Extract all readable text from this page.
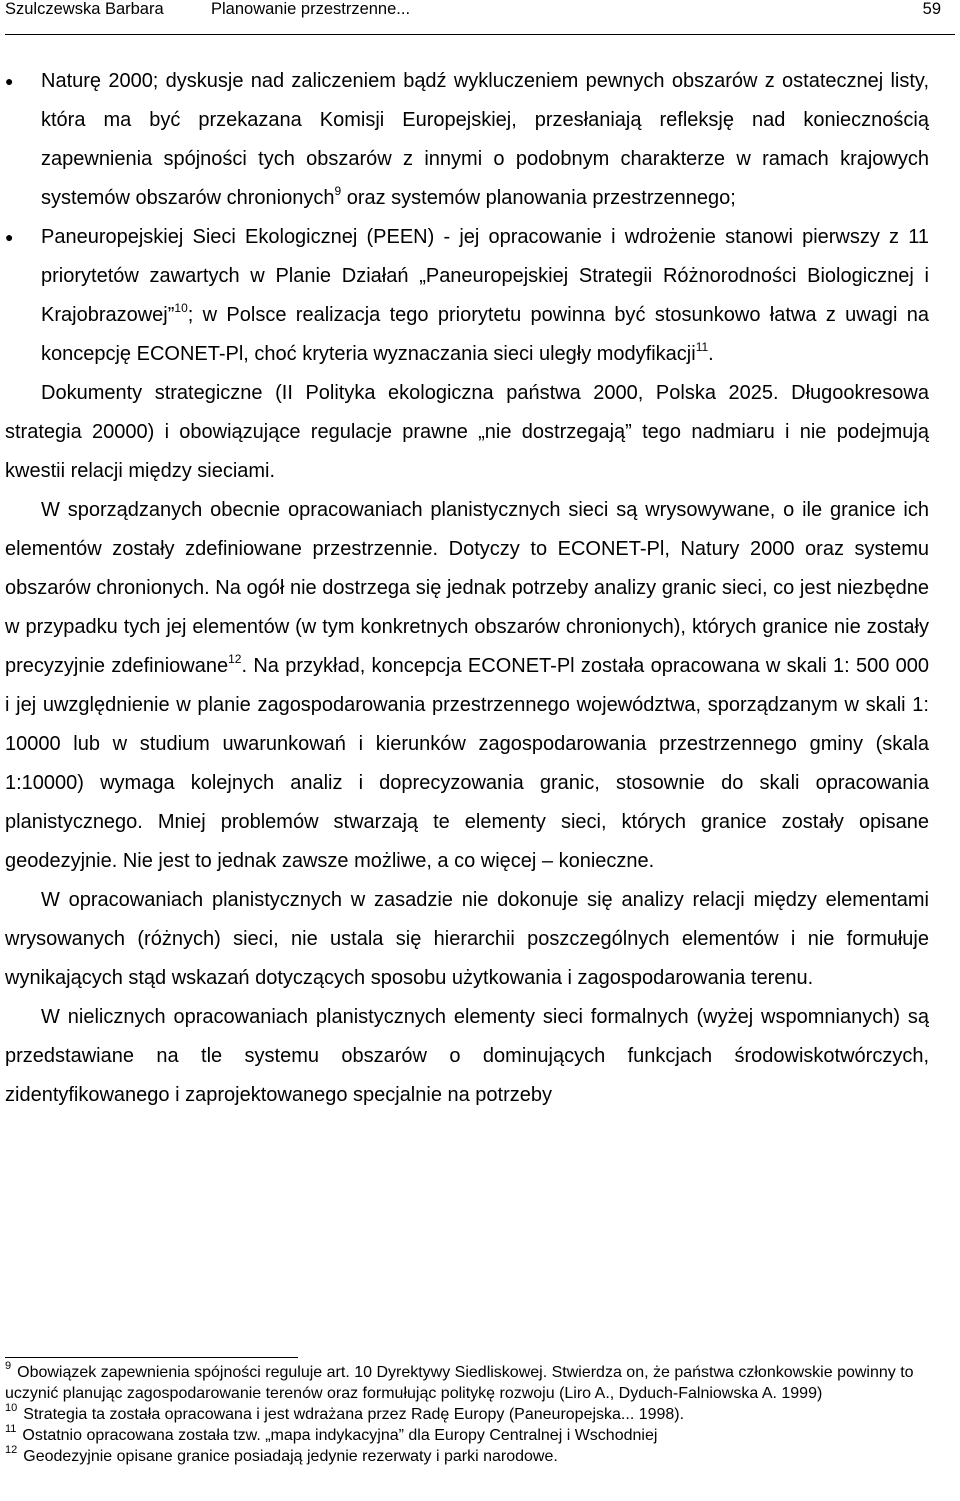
Szulczewska Barbara	Planowanie przestrzenne...	59
●	Naturę 2000; dyskusje nad zaliczeniem bądź wykluczeniem pewnych obszarów z ostatecznej listy, która ma być przekazana Komisji Europejskiej, przesłaniają refleksję nad koniecznością zapewnienia spójności tych obszarów z innymi o podobnym charakterze w ramach krajowych systemów obszarów chronionych$^9$ oraz systemów planowania przestrzennego;
●	Paneuropejskiej Sieci Ekologicznej (PEEN) - jej opracowanie i wdrożenie stanowi pierwszy z 11 priorytetów zawartych w Planie Działań „Paneuropejskiej Strategii Różnorodności Biologicznej i Krajobrazowej”$^{10}$; w Polsce realizacja tego priorytetu powinna być stosunkowo łatwa z uwagi na koncepcję ECONET-Pl, choć kryteria wyznaczania sieci uległy modyfikacji$^{11}$.

Dokumenty strategiczne (II Polityka ekologiczna państwa 2000, Polska 2025. Długookresowa strategia 20000) i obowiązujące regulacje prawne „nie dostrzegają” tego nadmiaru i nie podejmują kwestii relacji między sieciami.

W sporządzanych obecnie opracowaniach planistycznych sieci są wrysowywane, o ile granice ich elementów zostały zdefiniowane przestrzennie. Dotyczy to ECONET-Pl, Natury 2000 oraz systemu obszarów chronionych. Na ogół nie dostrzega się jednak potrzeby analizy granic sieci, co jest niezbędne w przypadku tych jej elementów (w tym konkretnych obszarów chronionych), których granice nie zostały precyzyjnie zdefiniowane$^{12}$. Na przykład, koncepcja ECONET-Pl została opracowana w skali 1: 500 000 i jej uwzględnienie w planie zagospodarowania przestrzennego województwa, sporządzanym w skali 1: 10000 lub w studium uwarunkowań i kierunków zagospodarowania przestrzennego gminy (skala 1:10000) wymaga kolejnych analiz i doprecyzowania granic, stosownie do skali opracowania planistycznego. Mniej problemów stwarzają te elementy sieci, których granice zostały opisane geodezyjnie. Nie jest to jednak zawsze możliwe, a co więcej – konieczne.

W opracowaniach planistycznych w zasadzie nie dokonuje się analizy relacji między elementami wrysowanych (różnych) sieci, nie ustala się hierarchii poszczególnych elementów i nie formułuje wynikających stąd wskazań dotyczących sposobu użytkowania i zagospodarowania terenu.

W nielicznych opracowaniach planistycznych elementy sieci formalnych (wyżej wspomnianych) są przedstawiane na tle systemu obszarów o dominujących funkcjach środowiskotwórczych, zidentyfikowanego i zaprojektowanego specjalnie na potrzeby

$^9$ Obowiązek zapewnienia spójności reguluje art. 10 Dyrektywy Siedliskowej. Stwierdza on, że państwa członkowskie powinny to uczynić planując zagospodarowanie terenów oraz formułując politykę rozwoju (Liro A., Dyduch-Falniowska A. 1999)

$^{10}$ Strategia ta została opracowana i jest wdrażana przez Radę Europy (Paneuropejska... 1998).

$^{11}$ Ostatnio opracowana została tzw. „mapa indykacyjna” dla Europy Centralnej i Wschodniej

$^{12}$ Geodezyjnie opisane granice posiadają jedynie rezerwaty i parki narodowe.
